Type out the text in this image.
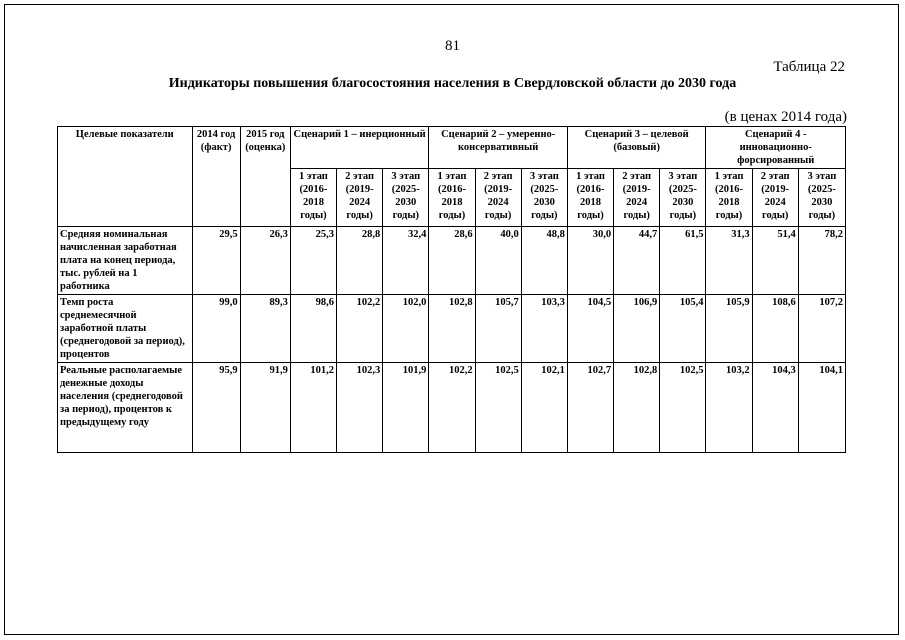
81
Таблица 22
Индикаторы повышения благосостояния населения в Свердловской области до 2030 года
(в ценах 2014 года)
Целевые показатели	2014 год (факт)	2015 год (оценка)	Сценарий 1 – инерционный			Сценарий 2 – умеренно-консервативный			Сценарий 3 – целевой (базовый)			Сценарий 4 - инновационно-форсированный		
			1 этап (2016-2018 годы)	2 этап (2019-2024 годы)	3 этап (2025-2030 годы)	1 этап (2016-2018 годы)	2 этап (2019-2024 годы)	3 этап (2025-2030 годы)	1 этап (2016-2018 годы)	2 этап (2019-2024 годы)	3 этап (2025-2030 годы)	1 этап (2016-2018 годы)	2 этап (2019-2024 годы)	3 этап (2025-2030 годы)
Средняя номинальная начисленная заработная плата на конец периода, тыс. рублей на 1 работника	29,5	26,3	25,3	28,8	32,4	28,6	40,0	48,8	30,0	44,7	61,5	31,3	51,4	78,2
Темп роста среднемесячной заработной платы (среднегодовой за период), процентов	99,0	89,3	98,6	102,2	102,0	102,8	105,7	103,3	104,5	106,9	105,4	105,9	108,6	107,2
Реальные располагаемые денежные доходы населения (среднегодовой за период), процентов к предыдущему году	95,9	91,9	101,2	102,3	101,9	102,2	102,5	102,1	102,7	102,8	102,5	103,2	104,3	104,1
